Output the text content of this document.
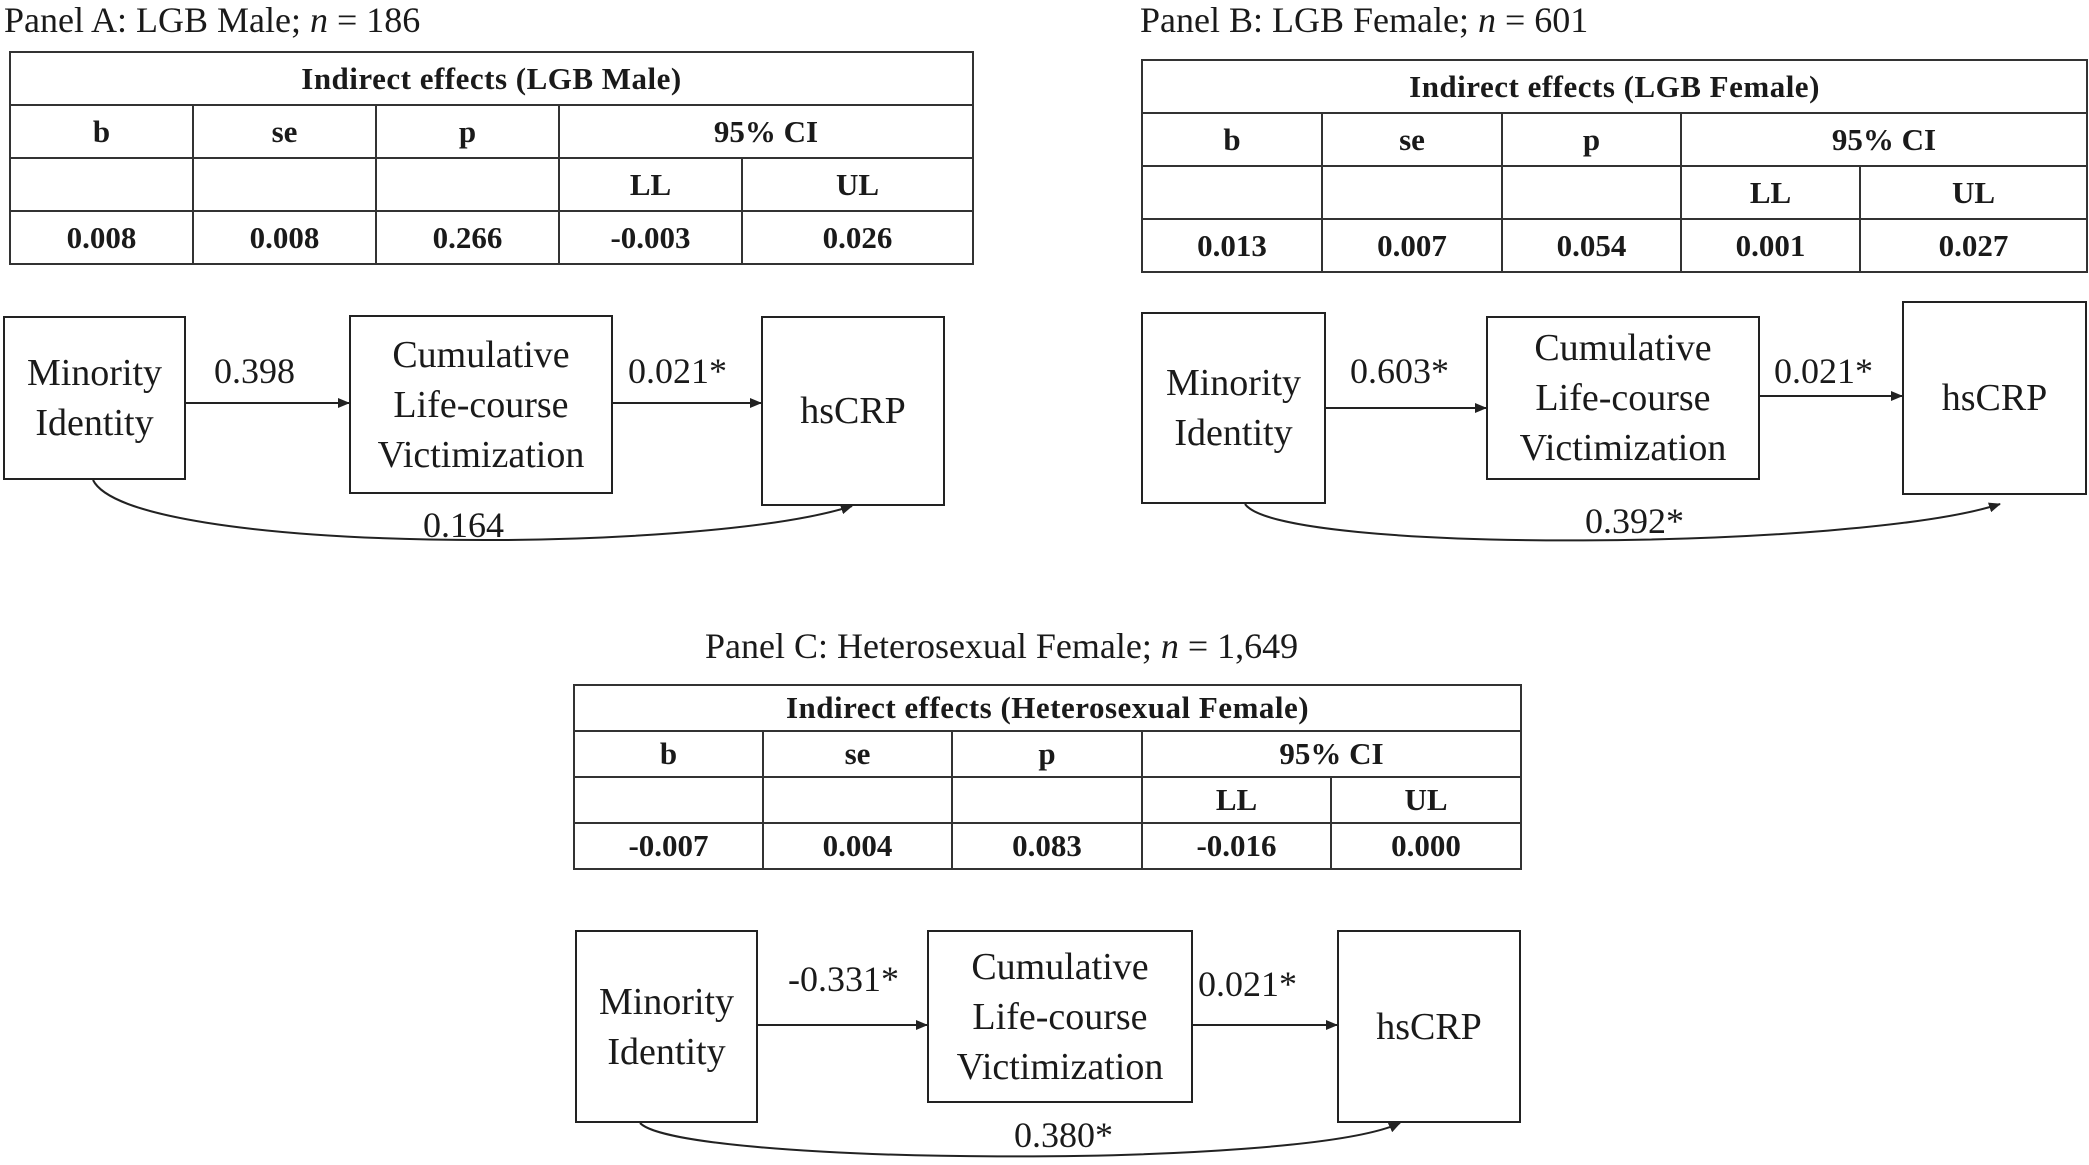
Panel A: LGB Male; n = 186
Indirect effects (LGB Male)				
b	se	p	95% CI	
			LL	UL
0.008	0.008	0.266	-0.003	0.026
Minority
Identity
Cumulative
Life-course
Victimization
hsCRP
0.398	0.021*
0.164
Panel B: LGB Female; n = 601
Indirect effects (LGB Female)				
b	se	p	95% CI	
			LL	UL
0.013	0.007	0.054	0.001	0.027
Minority
Identity
Cumulative
Life-course
Victimization
hsCRP
0.603*	0.021*
0.392*
Panel C: Heterosexual Female; n = 1,649
Indirect effects (Heterosexual Female)				
b	se	p	95% CI	
			LL	UL
-0.007	0.004	0.083	-0.016	0.000
Minority
Identity
Cumulative
Life-course
Victimization
hsCRP
-0.331*	0.021*
0.380*
